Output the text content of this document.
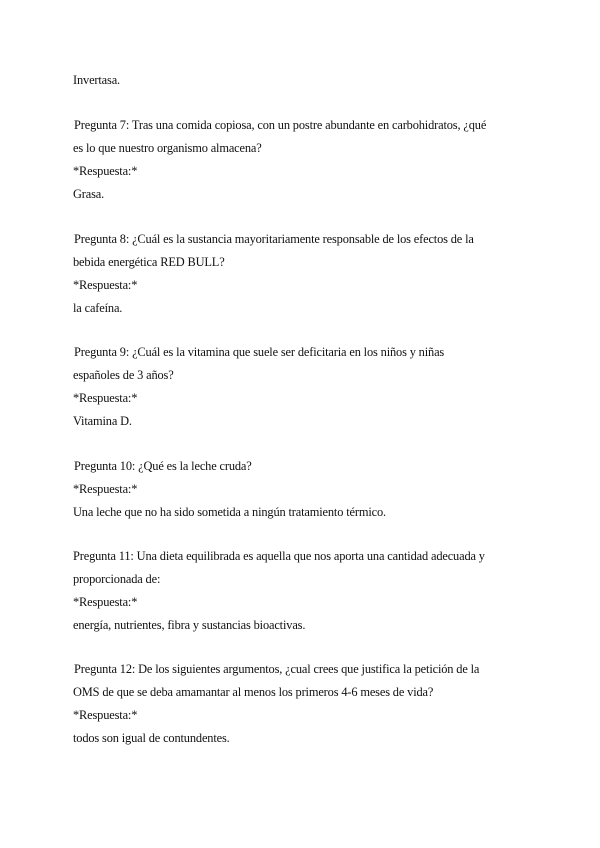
Invertasa.
Pregunta 7: Tras una comida copiosa, con un postre abundante en carbohidratos, ¿qué
es lo que nuestro organismo almacena?
*Respuesta:*
Grasa.
Pregunta 8: ¿Cuál es la sustancia mayoritariamente responsable de los efectos de la
bebida energética RED BULL?
*Respuesta:*
la cafeína.
Pregunta 9: ¿Cuál es la vitamina que suele ser deficitaria en los niños y niñas
españoles de 3 años?
*Respuesta:*
Vitamina D.
Pregunta 10: ¿Qué es la leche cruda?
*Respuesta:*
Una leche que no ha sido sometida a ningún tratamiento térmico.
Pregunta 11: Una dieta equilibrada es aquella que nos aporta una cantidad adecuada y
proporcionada de:
*Respuesta:*
energía, nutrientes, fibra y sustancias bioactivas.
Pregunta 12: De los siguientes argumentos, ¿cual crees que justifica la petición de la
OMS de que se deba amamantar al menos los primeros 4-6 meses de vida?
*Respuesta:*
todos son igual de contundentes.
